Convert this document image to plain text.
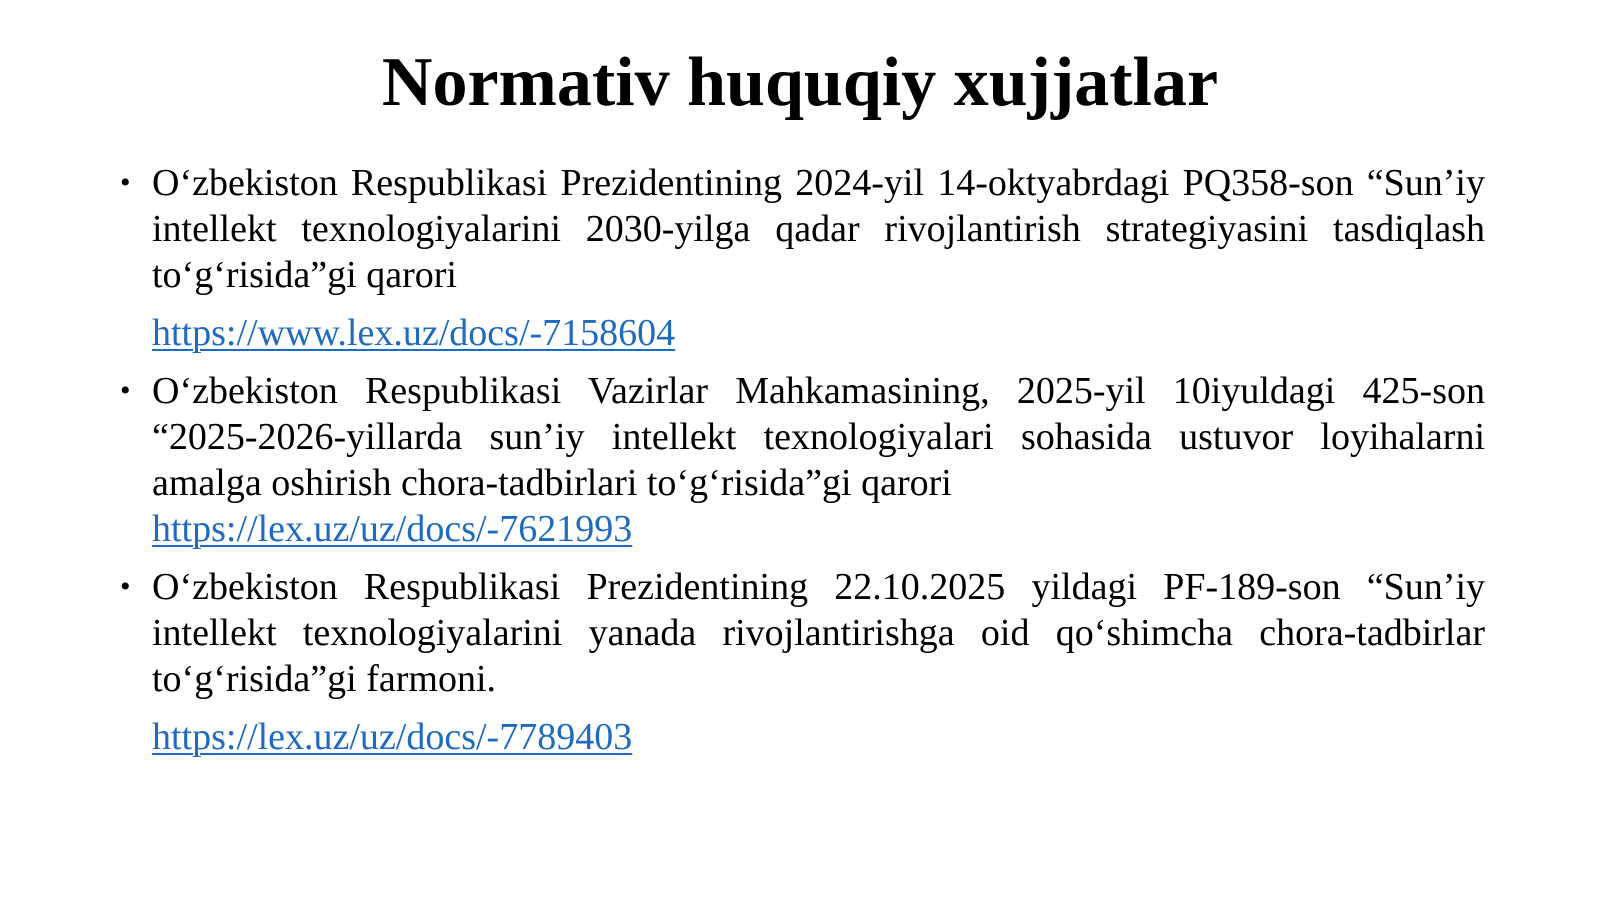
Normativ huquqiy xujjatlar
• O‘zbekiston Respublikasi Prezidentining 2024-yil 14-oktyabrdagi PQ358-son “Sun’iy intellekt texnologiyalarini 2030-yilga qadar rivojlantirish strategiyasini tasdiqlash to‘g‘risida”gi qarori
https://www.lex.uz/docs/-7158604
• O‘zbekiston Respublikasi Vazirlar Mahkamasining, 2025-yil 10iyuldagi 425-son “2025-2026-yillarda sun’iy intellekt texnologiyalari sohasida ustuvor loyihalarni amalga oshirish chora-tadbirlari to‘g‘risida”gi qarori
https://lex.uz/uz/docs/-7621993
• O‘zbekiston Respublikasi Prezidentining 22.10.2025 yildagi PF-189-son “Sun’iy intellekt texnologiyalarini yanada rivojlantirishga oid qo‘shimcha chora-tadbirlar to‘g‘risida”gi farmoni.
https://lex.uz/uz/docs/-7789403
